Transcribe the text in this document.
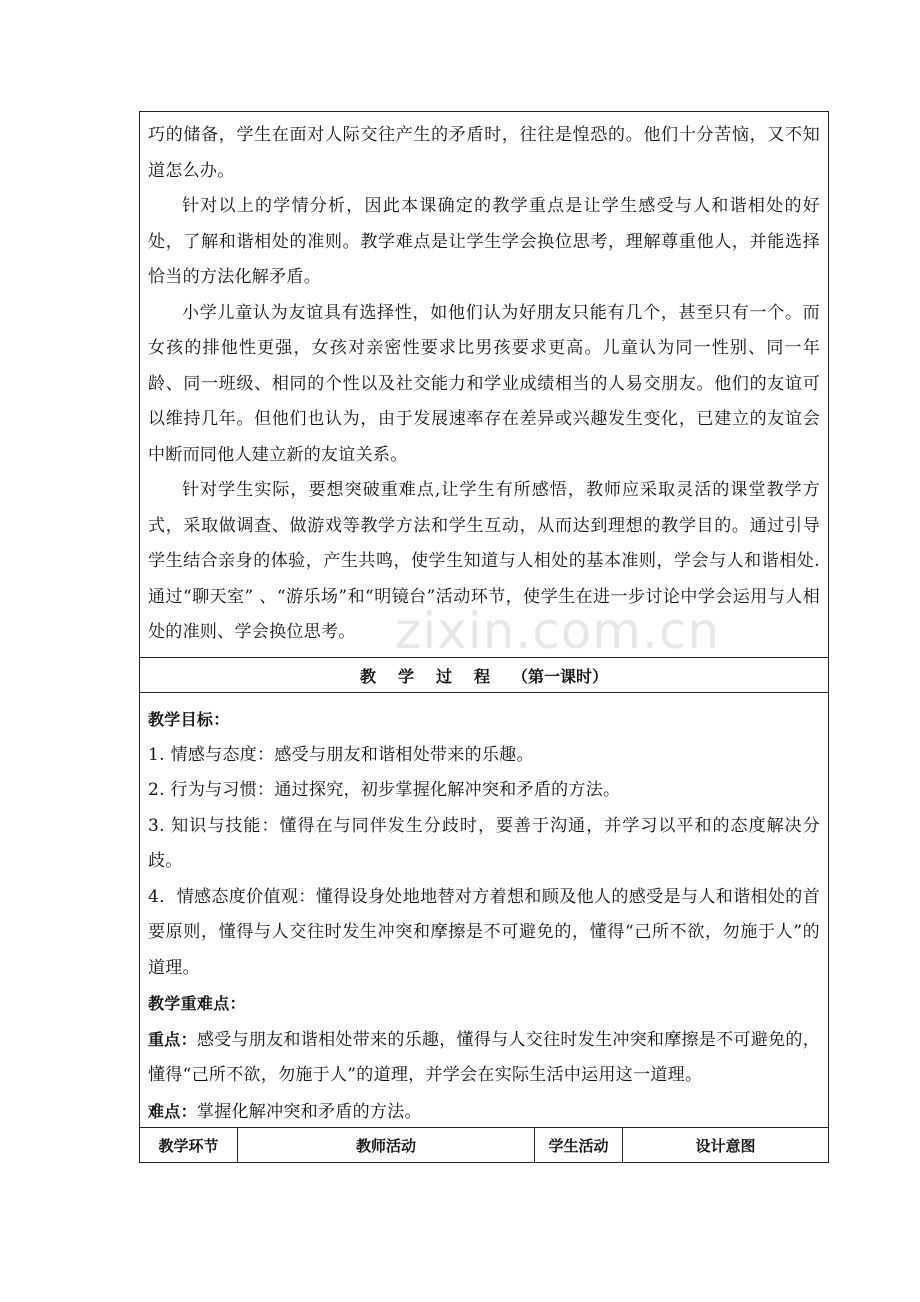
巧的储备，学生在面对人际交往产生的矛盾时，往往是惶恐的。他们十分苦恼，又不知道怎么办。

针对以上的学情分析，因此本课确定的教学重点是让学生感受与人和谐相处的好处，了解和谐相处的准则。教学难点是让学生学会换位思考，理解尊重他人，并能选择恰当的方法化解矛盾。

小学儿童认为友谊具有选择性，如他们认为好朋友只能有几个，甚至只有一个。而女孩的排他性更强，女孩对亲密性要求比男孩要求更高。儿童认为同一性别、同一年龄、同一班级、相同的个性以及社交能力和学业成绩相当的人易交朋友。他们的友谊可以维持几年。但他们也认为，由于发展速率存在差异或兴趣发生变化，已建立的友谊会中断而同他人建立新的友谊关系。

针对学生实际，要想突破重难点,让学生有所感悟，教师应采取灵活的课堂教学方式，采取做调查、做游戏等教学方法和学生互动，从而达到理想的教学目的。通过引导学生结合亲身的体验，产生共鸣，使学生知道与人相处的基本准则，学会与人和谐相处. 通过“聊天室” 、“游乐场”和“明镜台”活动环节，使学生在进一步讨论中学会运用与人相处的准则、学会换位思考。

教学过程 （第一课时）

教学目标：

1. 情感与态度：感受与朋友和谐相处带来的乐趣。

2. 行为与习惯：通过探究，初步掌握化解冲突和矛盾的方法。

3. 知识与技能：懂得在与同伴发生分歧时，要善于沟通，并学习以平和的态度解决分歧。

4．情感态度价值观：懂得设身处地地替对方着想和顾及他人的感受是与人和谐相处的首要原则，懂得与人交往时发生冲突和摩擦是不可避免的，懂得“己所不欲，勿施于人”的道理。

教学重难点：

重点：感受与朋友和谐相处带来的乐趣，懂得与人交往时发生冲突和摩擦是不可避免的，懂得“己所不欲，勿施于人”的道理，并学会在实际生活中运用这一道理。

难点：掌握化解冲突和矛盾的方法。

教学环节	教师活动	学生活动	设计意图
zixin.com.cn
